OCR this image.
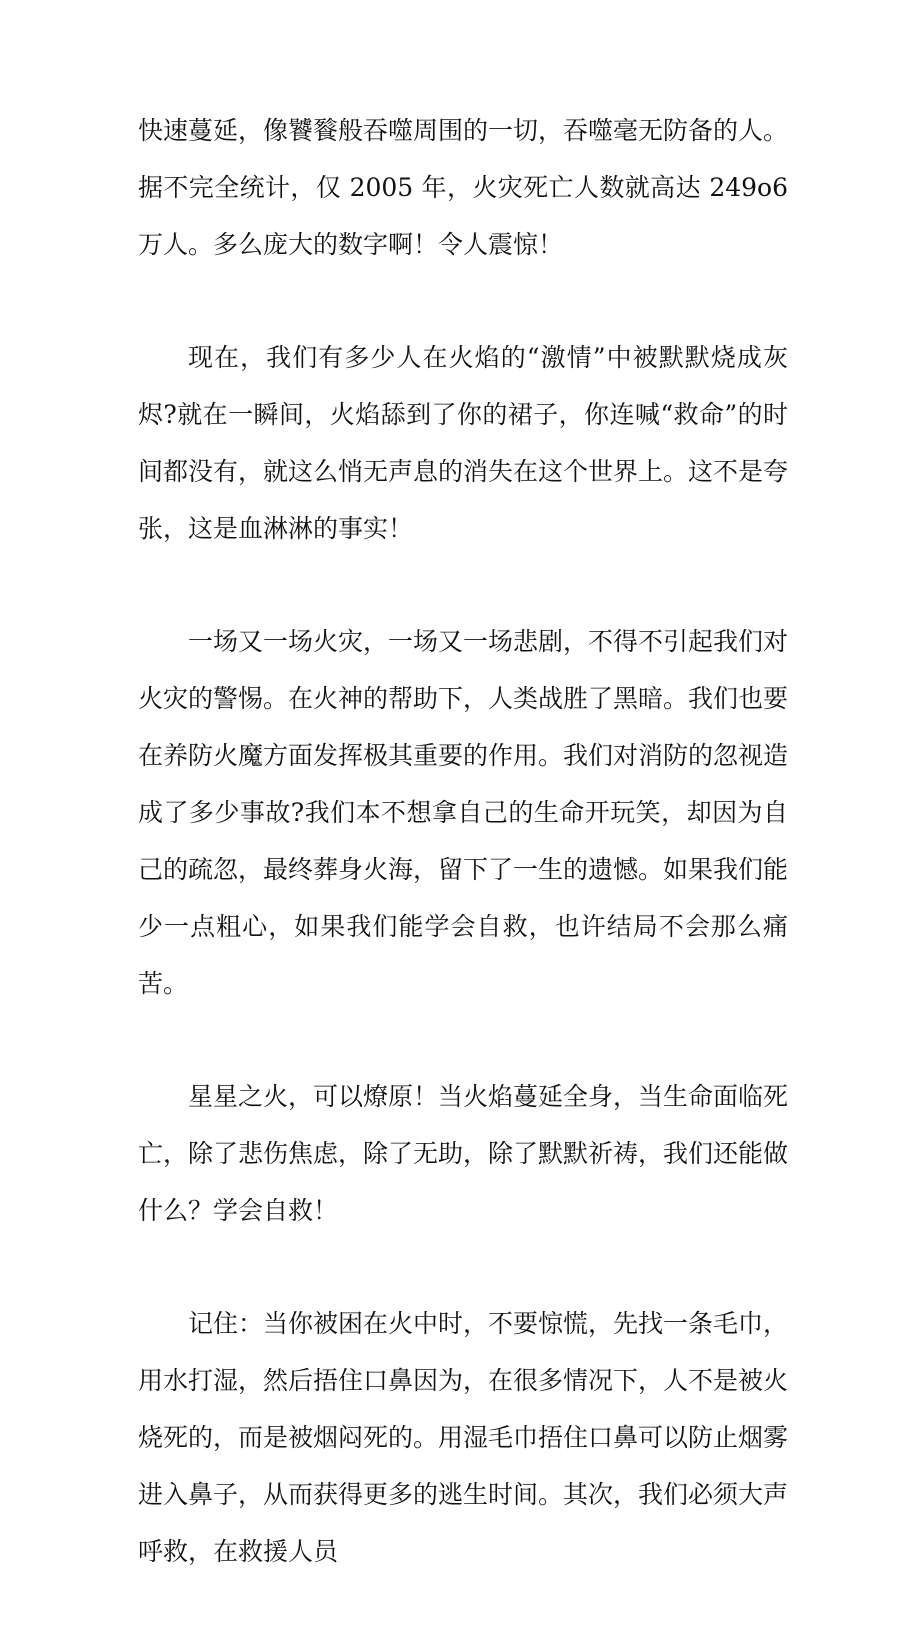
快速蔓延，像饕餮般吞噬周围的一切，吞噬毫无防备的人。据不完全统计，仅 2005 年，火灾死亡人数就高达 249o6 万人。多么庞大的数字啊！令人震惊！

现在，我们有多少人在火焰的“激情”中被默默烧成灰烬?就在一瞬间，火焰舔到了你的裙子，你连喊“救命”的时间都没有，就这么悄无声息的消失在这个世界上。这不是夸张，这是血淋淋的事实！

一场又一场火灾，一场又一场悲剧，不得不引起我们对火灾的警惕。在火神的帮助下，人类战胜了黑暗。我们也要在养防火魔方面发挥极其重要的作用。我们对消防的忽视造成了多少事故?我们本不想拿自己的生命开玩笑，却因为自己的疏忽，最终葬身火海，留下了一生的遗憾。如果我们能少一点粗心，如果我们能学会自救，也许结局不会那么痛苦。

星星之火，可以燎原！当火焰蔓延全身，当生命面临死亡，除了悲伤焦虑，除了无助，除了默默祈祷，我们还能做什么？学会自救！

记住：当你被困在火中时，不要惊慌，先找一条毛巾，用水打湿，然后捂住口鼻因为，在很多情况下，人不是被火烧死的，而是被烟闷死的。用湿毛巾捂住口鼻可以防止烟雾进入鼻子，从而获得更多的逃生时间。其次，我们必须大声呼救，在救援人员
